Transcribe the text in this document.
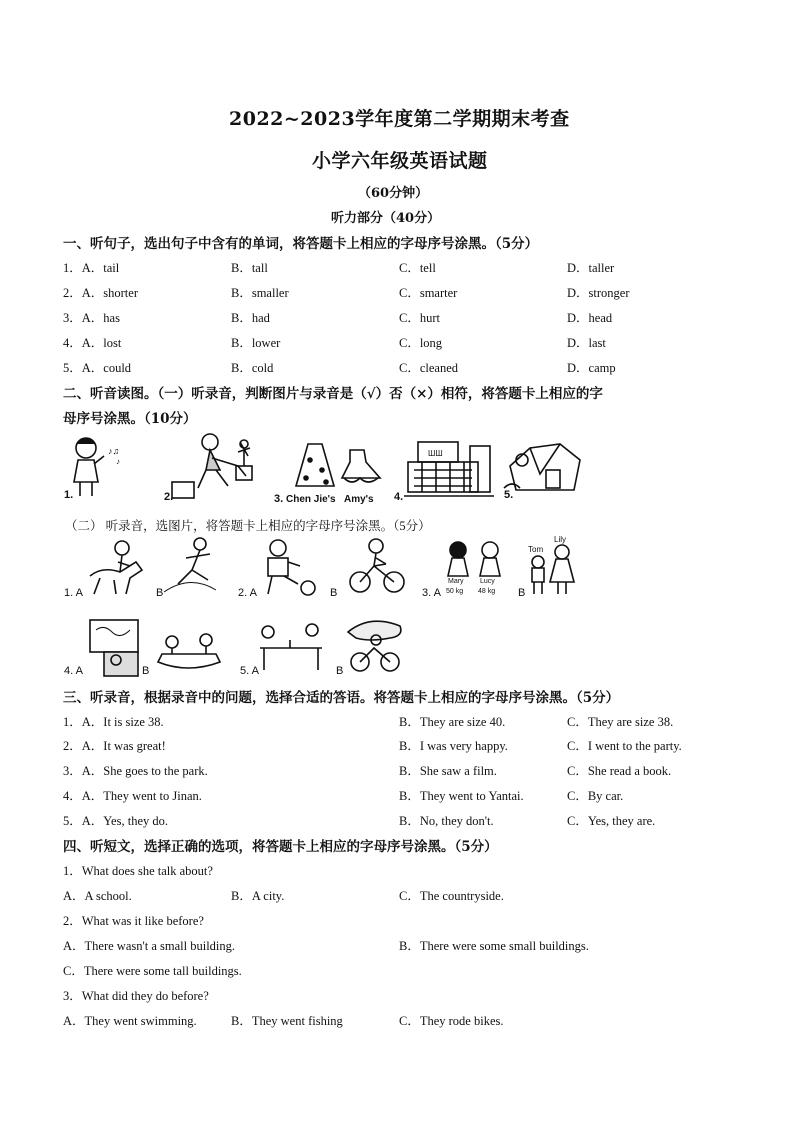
2022~2023学年度第二学期期末考查
小学六年级英语试题
（60分钟）
听力部分（40分）
一、听句子，选出句子中含有的单词，将答题卡上相应的字母序号涂黑。（5分）
1．A．tail	B．tall	C．tell	D．taller
2．A．shorter	B．smaller	C．smarter	D．stronger
3．A．has	B．had	C．hurt	D．head
4．A．lost	B．lower	C．long	D．last
5．A．could	B．cold	C．cleaned	D．camp
二、听音读图。（一）听录音，判断图片与录音是（√）否（×）相符，将答题卡上相应的字
母序号涂黑。（10分）
♪♫
♪
ШШ
1.	2.	3. Chen Jie's Amy's 4.	5.
（二） 听录音，选图片，将答题卡上相应的字母序号涂黑。（5分）
1. A	B	2. A	B	3. A
Mary Lucy
50 kg 48 kg B
Tom
Lily
4. A	B	5. A	B
三、听录音，根据录音中的问题，选择合适的答语。将答题卡上相应的字母序号涂黑。（5分）
1．A．It is size 38.	B．They are size 40.	C．They are size 38.
2．A．It was great!	B．I was very happy.	C．I went to the party.
3．A．She goes to the park.	B．She saw a film.	C．She read a book.
4．A．They went to Jinan.	B．They went to Yantai.	C．By car.
5．A．Yes, they do.	B．No, they don't.	C．Yes, they are.
四、听短文，选择正确的选项，将答题卡上相应的字母序号涂黑。（5分）
1．What does she talk about?
A．A school.	B．A city.	C．The countryside.
2．What was it like before?
A．There wasn't a small building.	B．There were some small buildings.
C．There were some tall buildings.
3．What did they do before?
A．They went swimming.	B．They went fishing	C．They rode bikes.
